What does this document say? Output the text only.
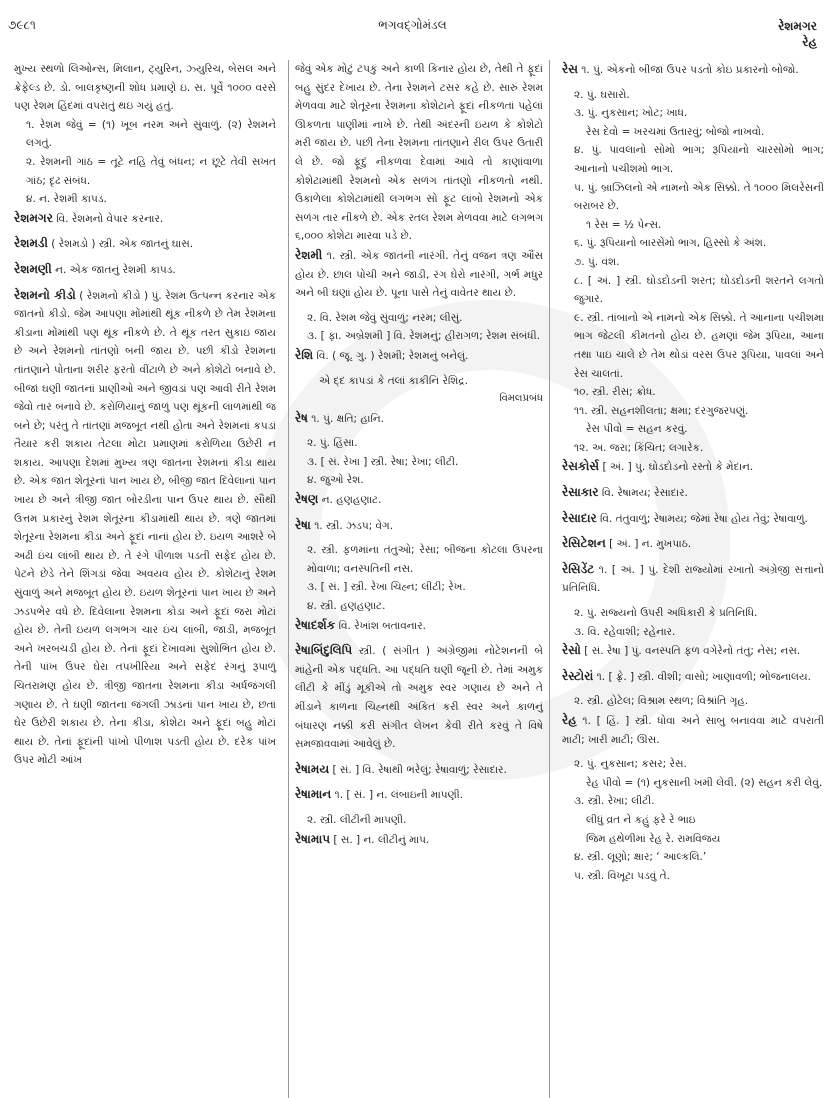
૭૯૮૧	ભગવદ્ગોમંડલ	રેશમગર
રેહ
મુખ્ય સ્થળો લિઓન્સ, મિલાન, ટ્યુરિન, ઝ્યુરિચ, બેસલ અને ક્રેફેલ્ડ છે. ડો. બાલકૃષ્ણની શોધ પ્રમાણે ઇ. સ. પૂર્વે ૧૦૦૦ વરસે પણ રેશમ હિંદમાં વપરાતું થઇ ગયું હતું.
૧. રેશમ જેવું = (૧) ખૂબ નરમ અને સુંવાળું. (૨) રેશમને લગતું.
૨. રેશમની ગાંઠ = તૂટે નહિ તેવું બંધન; ન છૂટે તેવી સખત ગાંઠ; દૃઢ સંબંધ.
૪. ન. રેશમી કાપડ.
રેશમગર વિ. રેશમનો વેપાર કરનાર.
રેશમડી ( રેશમડો ) સ્ત્રી. એક જાતનું ઘાસ.
રેશમણી ન. એક જાતનું રેશમી કાપડ.
રેશમનો કીડો ( રેશમનો કીડો ) પું. રેશમ ઉત્પન્ન કરનાર એક જાતનો કીડો. જેમ આપણા મોંમાંથી થૂંક નીકળે છે તેમ રેશમના કીડાના મોંમાંથી પણ થૂંક નીકળે છે. તે થૂંક તરત સુકાઇ જાય છે અને રેશમનો તાંતણો બની જાય છે. પછી કીડો રેશમના તાંતણાને પોતાના શરીર ફરતો વીંટાળે છે અને કોશેટો બનાવે છે. બીજાં ઘણી જાતનાં પ્રાણીઓ અને જીવડાં પણ આવી રીતે રેશમ જેવો તાર બનાવે છે. કરોળિયાનું જાળું પણ થૂંકની લાળમાંથી જ બને છે; પરંતુ તે તાંતણાં મજબૂત નથી હોતા અને રેશમનાં કપડાં તૈયાર કરી શકાય તેટલા મોટા પ્રમાણમાં કરોળિયા ઉછેરી ન શકાય. આપણા દેશમાં મુખ્ય ત્રણ જાતના રેશમનાં કીડા થાય છે. એક જાત શેતૂરનાં પાન ખાય છે, બીજી જાત દિવેલાનાં પાન ખાય છે અને ત્રીજી જાત બોરડીના પાન ઉપર થાય છે. સૌથી ઉત્તમ પ્રકારનું રેશમ શેતૂરના કીડામાંથી થાય છે. ત્રણે જાતમાં શેતૂરના રેશમના કીડા અને ફૂદાં નાનાં હોય છે. ઇયળ આશરે બે અઢી ઇંચ લાંબી થાય છે. તે રંગે પીળાશ પડતી સફેદ હોય છે. પેટને છેડે તેને શિંગડાં જેવા અવયવ હોય છે. કોશેટાનું રેશમ સુંવાળું અને મજબૂત હોય છે. ઇયળ શેતૂરનાં પાન ખાય છે અને ઝડપભેર વધે છે. દિવેલાના રેશમના કોડા અને ફૂદાં જરા મોટાં હોય છે. તેની ઇયળ લગભગ ચાર ઇંચ લાંબી, જાડી, મજબૂત અને ખરબચડી હોય છે. તેનાં ફૂદાં દેખાવમાં સુશોભિત હોય છે. તેની પાંખ ઉપર ઘેરા તપખીરિયા અને સફેદ રંગનું રૂપાળું ચિતરામણ હોય છે. ત્રીજી જાતના રેશમના કીડા અર્ધજંગલી ગણાય છે. તે ઘણી જાતના જંગલી ઝાડનાં પાન ખાય છે, છતાં ઘેર ઉછેરી શકાય છે. તેના કીડા, કોશેટા અને ફૂદાં બહુ મોટાં થાય છે. તેનાં ફૂદાંની પાંખો પીળાશ પડતી હોય છે. દરેક પાંખ ઉપર મોટી આંખ
જેવું એક મોટું ટપકું અને કાળી કિનાર હોય છે, તેથી તે ફૂદાં બહુ સુંદર દેખાય છે. તેના રેશમને ટસર કહે છે. સારું રેશમ મેળવવા માટે શેતૂરના રેશમના કોશેટાને ફૂદાં નીકળતાં પહેલાં ઊકળતા પાણીમાં નાખે છે. તેથી અંદરની ઇયળ કે કોશેટો મરી જાય છે. પછી તેના રેશમના તાંતણાને રીલ ઉપર ઉતારી લે છે. જો ફૂદું નીકળવા દેવામાં આવે તો કાણાંવાળા કોશેટામાંથી રેશમનો એક સળંગ તાંતણો નીકળતો નથી. ઉકાળેલા કોશેટામાંથી લગભગ સો ફૂટ લાંબો રેશમનો એક સળંગ તાર નીકળે છે. એક રતલ રેશમ મેળવવા માટે લગભગ ૬,૦૦૦ કોશેટા મારવા પડે છે.
રેશમી ૧. સ્ત્રી. એક જાતની નારંગી. તેનું વજન ત્રણ ઔંસ હોય છે. છાલ પોચી અને જાડી, રંગ ઘેરો નારંગી, ગર્ભ મધુર અને બી ઘણાં હોય છે. પૂના પાસે તેનું વાવેતર થાય છે.
૨. વિ. રેશમ જેવું સુંવાળું; નરમ; લીસું.
૩. [ ફા. અબ્રેશમી ] વિ. રેશમનું; હીરાગળ; રેશમ સંબંધી.
રેશિ વિ. ( જૂ. ગુ. ) રેશમી; રેશમનું બનેલું.
એ દ્દ કાપડાં કે તલાં કાકીનિ રેશિદ્ર.
વિમલપ્રબંધ
રેષ ૧. પું. ક્ષતિ; હાનિ.
૨. પું. હિંસા.
૩. [ સં. રેખા ] સ્ત્રી. રેષા; રેખા; લીટી.
૪. જુઓ રેશ.
રેષણ ન. હણહણાટ.
રેષા ૧. સ્ત્રી. ઝડપ; વેગ.
૨. સ્ત્રી. ફળમાંના તંતુઓ; રેસા; બીજના કોટલા ઉપરના મોવાળા; વનસ્પતિની નસ.
૩. [ સં. ] સ્ત્રી. રેખા ચિહ્ન; લીટી; રેખ.
૪. સ્ત્રી. હણહણાટ.
રેષાદર્શક વિ. રેખાંશ બતાવનાર.
રેષાબિંદુલિપિ સ્ત્રી. ( સંગીત ) અંગ્રેજીમાં નોટેશનની બે માંહેની એક પદ્ધતિ. આ પદ્ધતિ ઘણી જૂની છે. તેમાં અમુક લીટી કે મીંડું મૂકીએ તો અમુક સ્વર ગણાય છે અને તે મીંડાને કાળના ચિહ્નથી અંકિત કરી સ્વર અને કાળનું બંધારણ નક્કી કરી સંગીત લેખન કેવી રીતે કરવું તે વિષે સમજાવવામાં આવેલું છે.
રેષામય [ સં. ] વિ. રેષાથી ભરેલું; રેષાવાળું; રેસાદાર.
રેષામાન ૧. [ સં. ] ન. લંબાઇની માપણી.
૨. સ્ત્રી. લીટીની માપણી.
રેષામાપ [ સ. ] ન. લીટીનું માપ.
રેસ ૧. પું. એકનો બીજા ઉપર પડતો કોઇ પ્રકારનો બોજો.
૨. પું. ઘસારો.
૩. પું. નુકસાન; ખોટ; ખાધ.
રેસ દેવો = ખરચમાં ઉતારવું; બોજો નાખવો.
૪. પું. પાવલાનો સોમો ભાગ; રૂપિયાનો ચારસોમો ભાગ; આનાનો પચીશમો ભાગ.
૫. પું. બ્રાઝિલનો એ નામનો એક સિક્કો. તે ૧૦૦૦ મિલરેસની બરાબર છે.
૧ રેસ = ½ પેન્સ.
૬. પું. રૂપિયાનો બારસેંમો ભાગ, હિસ્સો કે અંશ.
૭. પું. વંશ.
૮. [ અં. ] સ્ત્રી. ઘોડદોડની શરત; ઘોડદોડની શરતને લગતો જુગાર.
૯. સ્ત્રી. તાંબાનો એ નામનો એક સિક્કો. તે આનાના પચીશમા ભાગ જેટલી કીમતનો હોય છે. હમણાં જેમ રૂપિયા, આના તથા પાઇ ચાલે છે તેમ થોડાં વરસ ઉપર રૂપિયા, પાવલાં અને રેસ ચાલતાં.
૧૦. સ્ત્રી. રીસ; ક્રોધ.
૧૧. સ્ત્રી. સહનશીલતા; ક્ષમા; દરગુજરપણું.
રેસ પીવો = સહન કરવું.
૧૨. અ. જરા; કિંચિત; લગારેક.
રેસકોર્સ [ અં. ] પું. ઘોડદોડનો રસ્તો કે મેદાન.
રેસાકાર વિ. રેષામય; રેસાદાર.
રેસાદાર વિ. તંતુવાળું; રેષામય; જેમાં રેષા હોય તેવું; રેષાવાળું.
રેસિટેશન [ અં. ] ન. મુખપાઠ.
રેસિડેંટ ૧. [ અં. ] પું. દેશી રાજ્યોમાં રખાતો અંગ્રેજી સત્તાનો પ્રતિનિધિ.
૨. પું. રાજ્યનો ઉપરી અધિકારી કે પ્રતિનિધિ.
૩. વિ. રહેવાશી; રહેનાર.
રેસો [ સં. રેષા ] પું. વનસ્પતિ ફળ વગેરેનો તંતુ; નેસ; નસ.
રેસ્ટોરાં ૧. [ ફ્રે. ] સ્ત્રી. વીશી; વાસો; ખાણાવળી; ભોજનાલય.
૨. સ્ત્રી. હોટેલ; વિશ્રામ સ્થળ; વિશ્રાંતિ ગૃહ.
રેહ ૧. [ હિં. ] સ્ત્રી. ધોવા અને સાબુ બનાવવા માટે વપરાતી માટી; ખારી માટી; ઊસ.
૨. પું. નુકસાન; કસર; રેસ.
રેહ પીવો = (૧) નુકસાની ખમી લેવી. (૨) સહન કરી લેવું.
૩. સ્ત્રી. રેખા; લીટી.
લીધું વ્રત ને કહું ફરે રે ભાઇ
જિમ હથેળીમાં રેહ રે. રામવિજય
૪. સ્ત્રી. લૂણો; ક્ષાર; ‘ આલ્કલિ.’
૫. સ્ત્રી. વિખૂટા પડવું તે.
